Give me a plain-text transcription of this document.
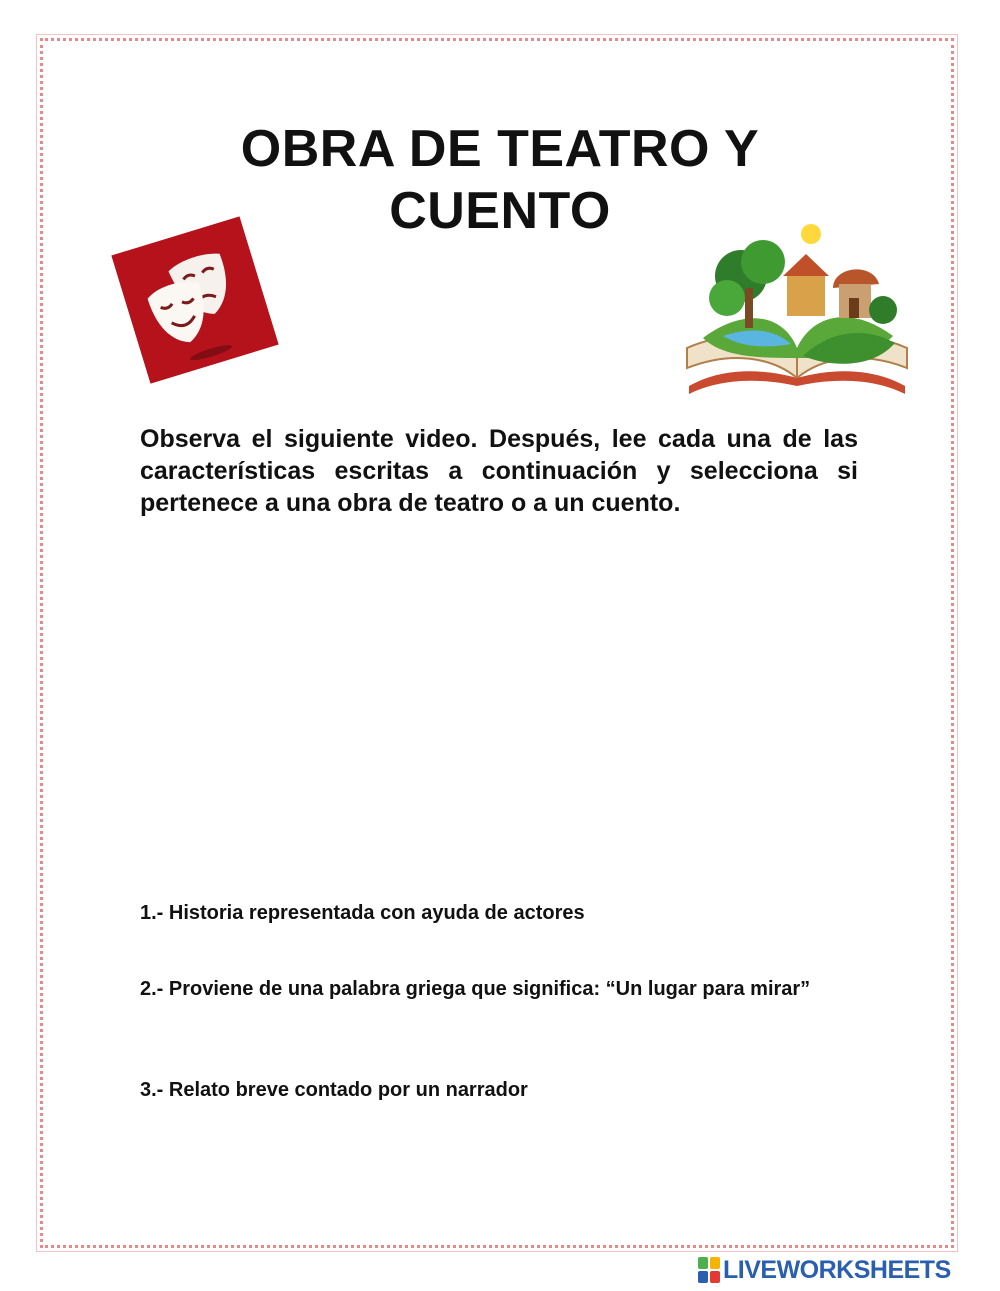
OBRA DE TEATRO Y CUENTO

Observa el siguiente video. Después, lee cada una de las características escritas a continuación y selecciona si pertenece a una obra de teatro o a un cuento.

1.- Historia representada con ayuda de actores

2.- Proviene de una palabra griega que significa: “Un lugar para mirar”

3.- Relato breve contado por un narrador

LIVEWORKSHEETS
